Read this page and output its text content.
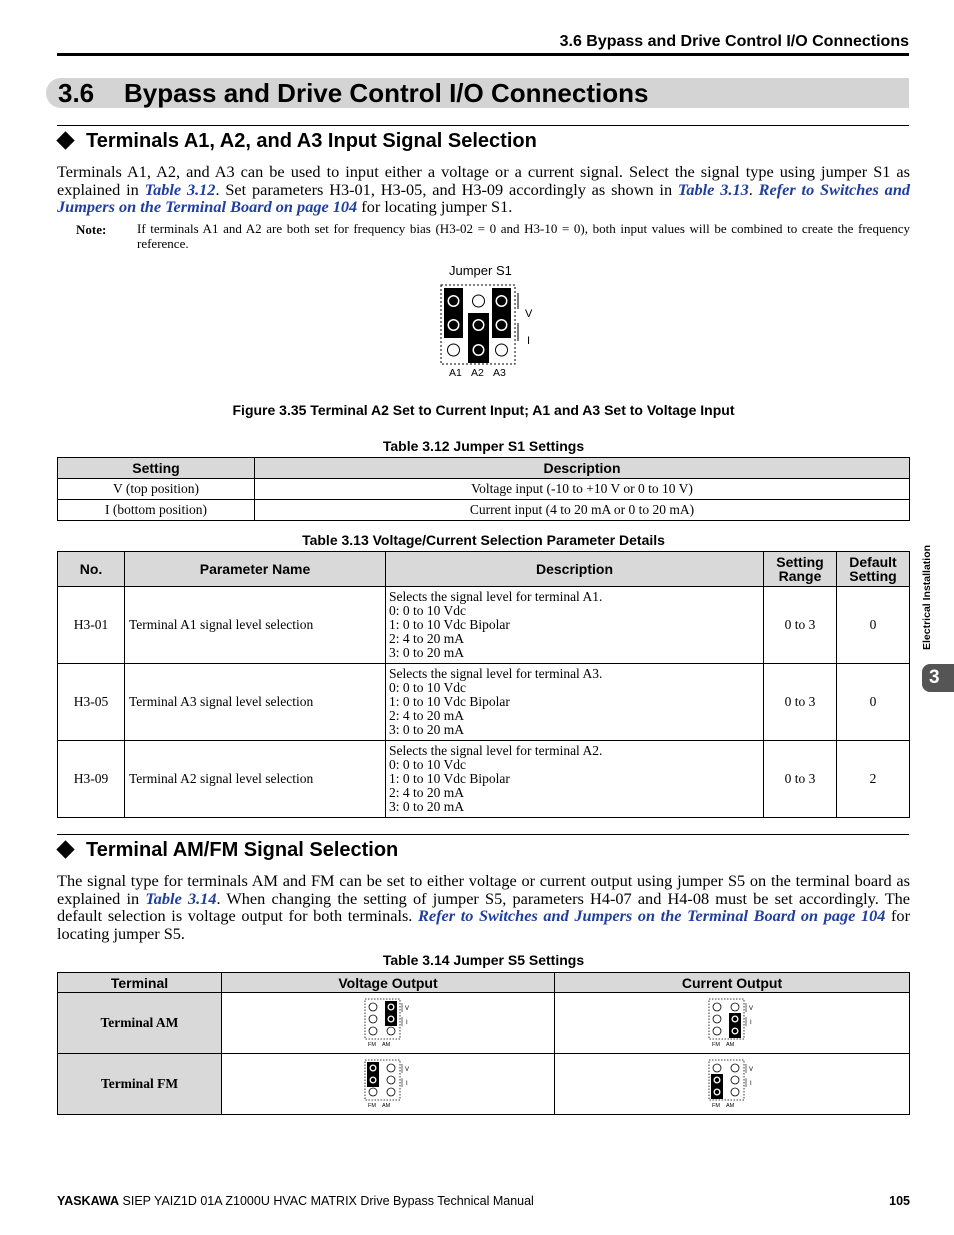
3.6 Bypass and Drive Control I/O Connections
3.6 Bypass and Drive Control I/O Connections
Terminals A1, A2, and A3 Input Signal Selection
Terminals A1, A2, and A3 can be used to input either a voltage or a current signal. Select the signal type using jumper S1 as explained in Table 3.12. Set parameters H3-01, H3-05, and H3-09 accordingly as shown in Table 3.13. Refer to Switches and Jumpers on the Terminal Board on page 104 for locating jumper S1.
Note: If terminals A1 and A2 are both set for frequency bias (H3-02 = 0 and H3-10 = 0), both input values will be combined to create the frequency reference.
Jumper S1
V
I
A1 A2 A3
Figure 3.35 Terminal A2 Set to Current Input; A1 and A3 Set to Voltage Input
Table 3.12 Jumper S1 Settings
Setting	Description
V (top position)	Voltage input (-10 to +10 V or 0 to 10 V)
I (bottom position)	Current input (4 to 20 mA or 0 to 20 mA)
Table 3.13 Voltage/Current Selection Parameter Details
No.	Parameter Name	Description	Setting Range	Default Setting
H3-01	Terminal A1 signal level selection	Selects the signal level for terminal A1.
0: 0 to 10 Vdc
1: 0 to 10 Vdc Bipolar
2: 4 to 20 mA
3: 0 to 20 mA	0 to 3	0
H3-05	Terminal A3 signal level selection	Selects the signal level for terminal A3.
0: 0 to 10 Vdc
1: 0 to 10 Vdc Bipolar
2: 4 to 20 mA
3: 0 to 20 mA	0 to 3	0
H3-09	Terminal A2 signal level selection	Selects the signal level for terminal A2.
0: 0 to 10 Vdc
1: 0 to 10 Vdc Bipolar
2: 4 to 20 mA
3: 0 to 20 mA	0 to 3	2
Electrical Installation
3
Terminal AM/FM Signal Selection
The signal type for terminals AM and FM can be set to either voltage or current output using jumper S5 on the terminal board as explained in Table 3.14. When changing the setting of jumper S5, parameters H4-07 and H4-08 must be set accordingly. The default selection is voltage output for both terminals. Refer to Switches and Jumpers on the Terminal Board on page 104 for locating jumper S5.
Table 3.14 Jumper S5 Settings
Terminal	Voltage Output	Current Output
Terminal AM	V
I
FM AM	V
I
FM AM

Terminal FM	V
I
FM AM	V
I
FM AM
YASKAWA SIEP YAIZ1D 01A Z1000U HVAC MATRIX Drive Bypass Technical Manual	105
